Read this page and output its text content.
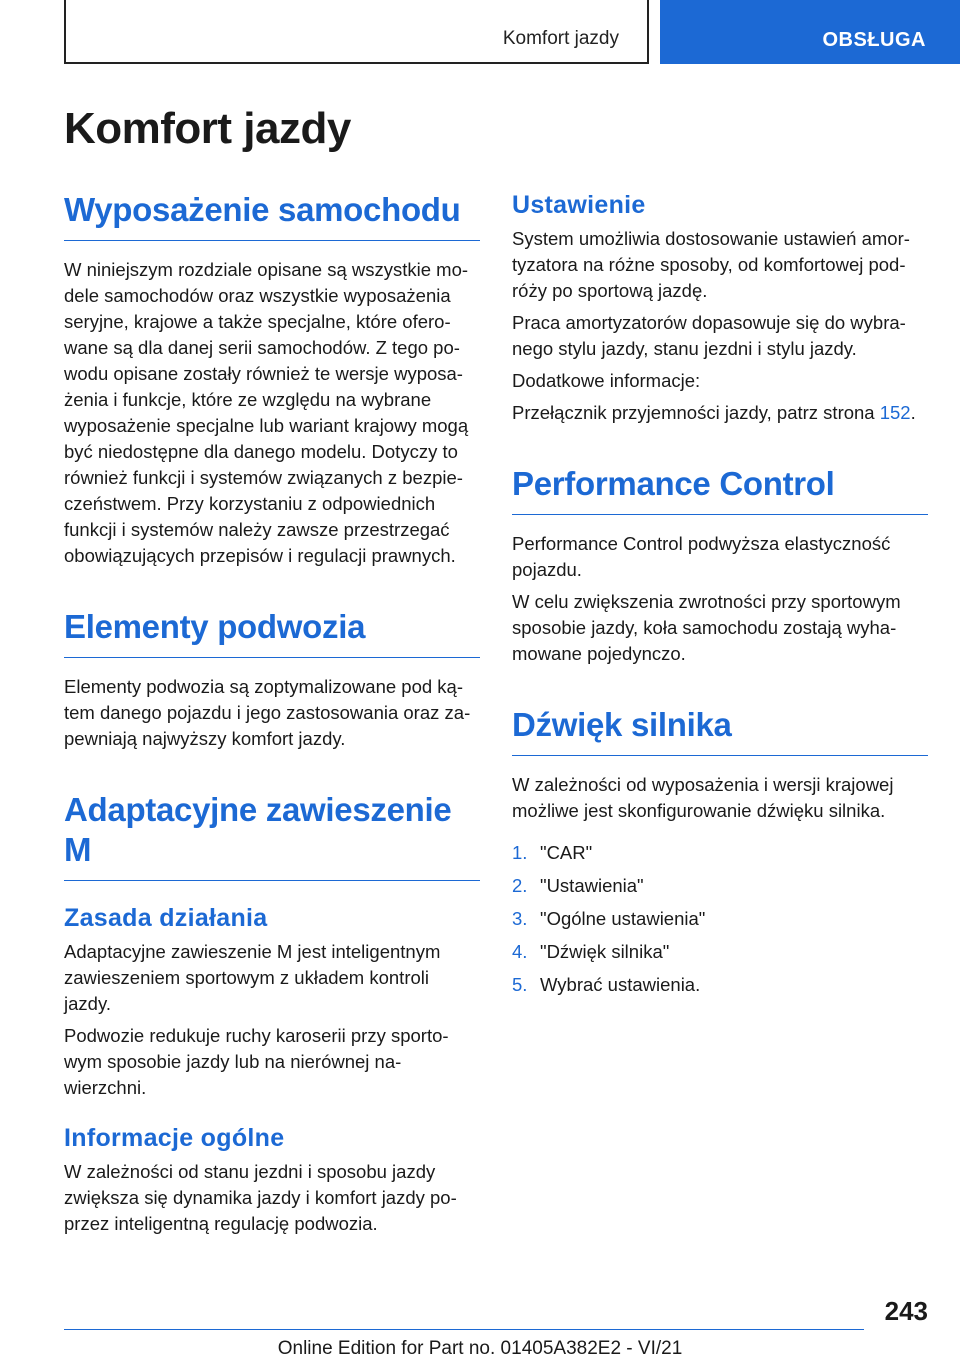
Komfort jazdy	OBSŁUGA
Komfort jazdy
Wyposażenie samochodu

W niniejszym rozdziale opisane są wszystkie mo-dele samochodów oraz wszystkie wyposażenia seryjne, krajowe a także specjalne, które ofero-wane są dla danej serii samochodów. Z tego po-wodu opisane zostały również te wersje wyposa-żenia i funkcje, które ze względu na wybrane wyposażenie specjalne lub wariant krajowy mogą być niedostępne dla danego modelu. Dotyczy to również funkcji i systemów związanych z bezpie-czeństwem. Przy korzystaniu z odpowiednich funkcji i systemów należy zawsze przestrzegać obowiązujących przepisów i regulacji prawnych.

Elementy podwozia

Elementy podwozia są zoptymalizowane pod ką-tem danego pojazdu i jego zastosowania oraz za-pewniają najwyższy komfort jazdy.

Adaptacyjne zawieszenie M
Zasada działania

Adaptacyjne zawieszenie M jest inteligentnym zawieszeniem sportowym z układem kontroli jazdy.

Podwozie redukuje ruchy karoserii przy sporto-wym sposobie jazdy lub na nierównej na-wierzchni.

Informacje ogólne

W zależności od stanu jezdni i sposobu jazdy zwiększa się dynamika jazdy i komfort jazdy po-przez inteligentną regulację podwozia.

Ustawienie

System umożliwia dostosowanie ustawień amor-tyzatora na różne sposoby, od komfortowej pod-róży po sportową jazdę.

Praca amortyzatorów dopasowuje się do wybra-nego stylu jazdy, stanu jezdni i stylu jazdy.

Dodatkowe informacje:

Przełącznik przyjemności jazdy, patrz strona 152.

Performance Control

Performance Control podwyższa elastyczność pojazdu.

W celu zwiększenia zwrotności przy sportowym sposobie jazdy, koła samochodu zostają wyha-mowane pojedynczo.

Dźwięk silnika

W zależności od wyposażenia i wersji krajowej możliwe jest skonfigurowanie dźwięku silnika.

1. "CAR"
2. "Ustawienia"
3. "Ogólne ustawienia"
4. "Dźwięk silnika"
5. Wybrać ustawienia.
243
Online Edition for Part no. 01405A382E2 - VI/21
